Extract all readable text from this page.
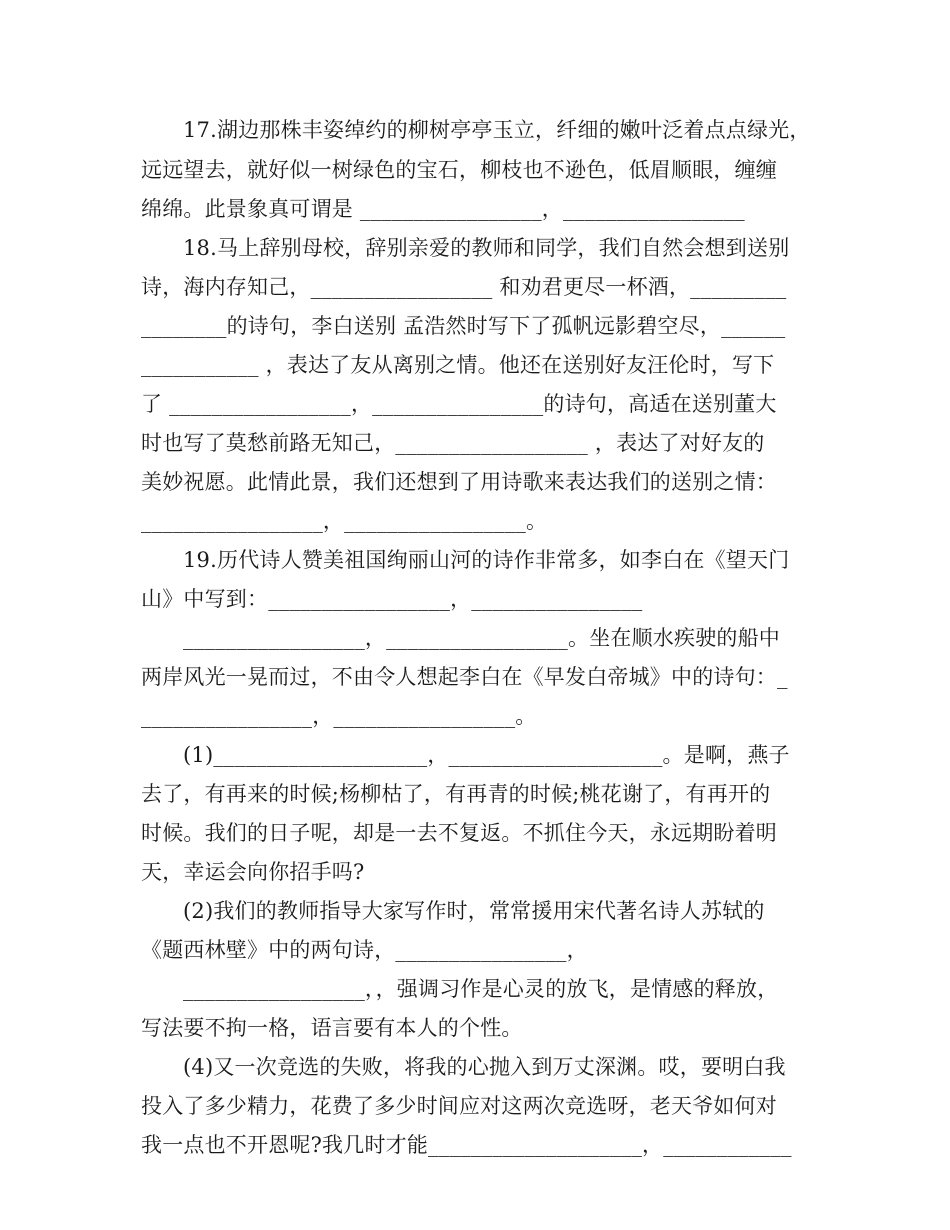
17.湖边那株丰姿绰约的柳树亭亭玉立，纤细的嫩叶泛着点点绿光，
远远望去，就好似一树绿色的宝石，柳枝也不逊色，低眉顺眼，缠缠
绵绵。此景象真可谓是 _________________，_________________
18.马上辞别母校，辞别亲爱的教师和同学，我们自然会想到送别
诗，海内存知己，_________________ 和劝君更尽一杯酒，_________
________的诗句，李白送别 孟浩然时写下了孤帆远影碧空尽，______
___________ ，表达了友从离别之情。他还在送别好友汪伦时，写下
了 _________________，________________的诗句，高适在送别董大
时也写了莫愁前路无知己，__________________ ，表达了对好友的
美妙祝愿。此情此景，我们还想到了用诗歌来表达我们的送别之情：
_________________，_________________。
19.历代诗人赞美祖国绚丽山河的诗作非常多，如李白在《望天门
山》中写到：_________________，________________
_________________，_________________。坐在顺水疾驶的船中
两岸风光一晃而过，不由令人想起李白在《早发白帝城》中的诗句：_
________________，_________________。
(1)____________________，____________________。是啊，燕子
去了，有再来的时候;杨柳枯了，有再青的时候;桃花谢了，有再开的
时候。我们的日子呢，却是一去不复返。不抓住今天，永远期盼着明
天，幸运会向你招手吗?
(2)我们的教师指导大家写作时，常常援用宋代著名诗人苏轼的
《题西林壁》中的两句诗，________________，
_________________，，强调习作是心灵的放飞，是情感的释放，
写法要不拘一格，语言要有本人的个性。
(4)又一次竞选的失败，将我的心抛入到万丈深渊。哎，要明白我
投入了多少精力，花费了多少时间应对这两次竞选呀，老天爷如何对
我一点也不开恩呢?我几时才能____________________，____________
